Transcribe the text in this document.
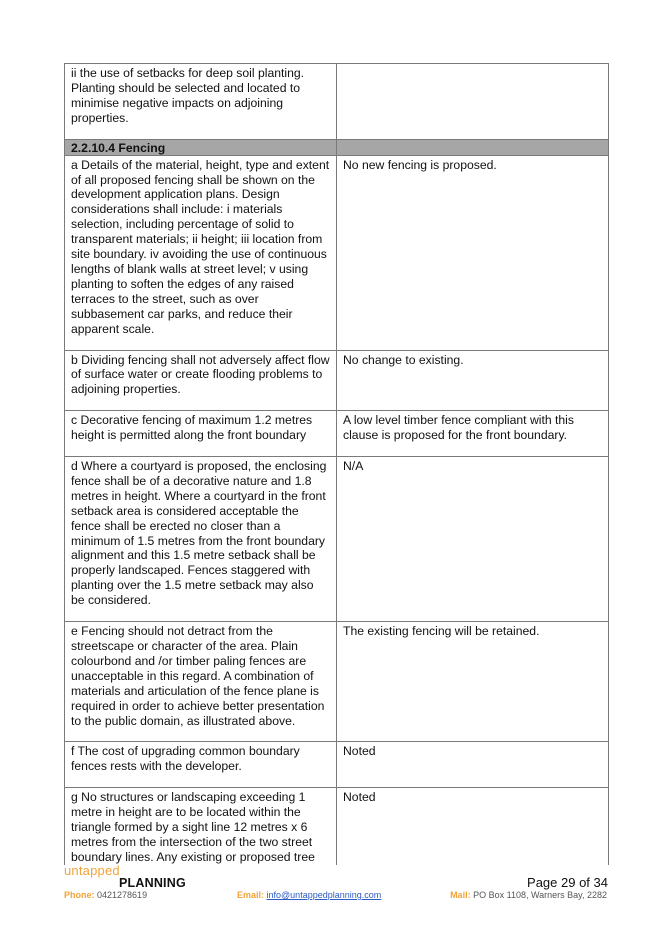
ii the use of setbacks for deep soil planting. Planting should be selected and located to minimise negative impacts on adjoining properties.	
2.2.10.4 Fencing	
a Details of the material, height, type and extent of all proposed fencing shall be shown on the development application plans. Design considerations shall include: i materials selection, including percentage of solid to transparent materials; ii height; iii location from site boundary. iv avoiding the use of continuous lengths of blank walls at street level; v using planting to soften the edges of any raised terraces to the street, such as over subbasement car parks, and reduce their apparent scale.	No new fencing is proposed.
b Dividing fencing shall not adversely affect flow of surface water or create flooding problems to adjoining properties.	No change to existing.
c Decorative fencing of maximum 1.2 metres height is permitted along the front boundary	A low level timber fence compliant with this clause is proposed for the front boundary.
d Where a courtyard is proposed, the enclosing fence shall be of a decorative nature and 1.8 metres in height. Where a courtyard in the front setback area is considered acceptable the fence shall be erected no closer than a minimum of 1.5 metres from the front boundary alignment and this 1.5 metre setback shall be properly landscaped. Fences staggered with planting over the 1.5 metre setback may also be considered.	N/A
e Fencing should not detract from the streetscape or character of the area. Plain colourbond and /or timber paling fences are unacceptable in this regard. A combination of materials and articulation of the fence plane is required in order to achieve better presentation to the public domain, as illustrated above.	The existing fencing will be retained.
f The cost of upgrading common boundary fences rests with the developer.	Noted
g No structures or landscaping exceeding 1 metre in height are to be located within the triangle formed by a sight line 12 metres x 6 metres from the intersection of the two street boundary lines. Any existing or proposed tree	Noted
untapped
PLANNING	Page 29 of 34
Phone: 0421278619	Email: info@untappedplanning.com	Mail: PO Box 1108, Warners Bay, 2282
